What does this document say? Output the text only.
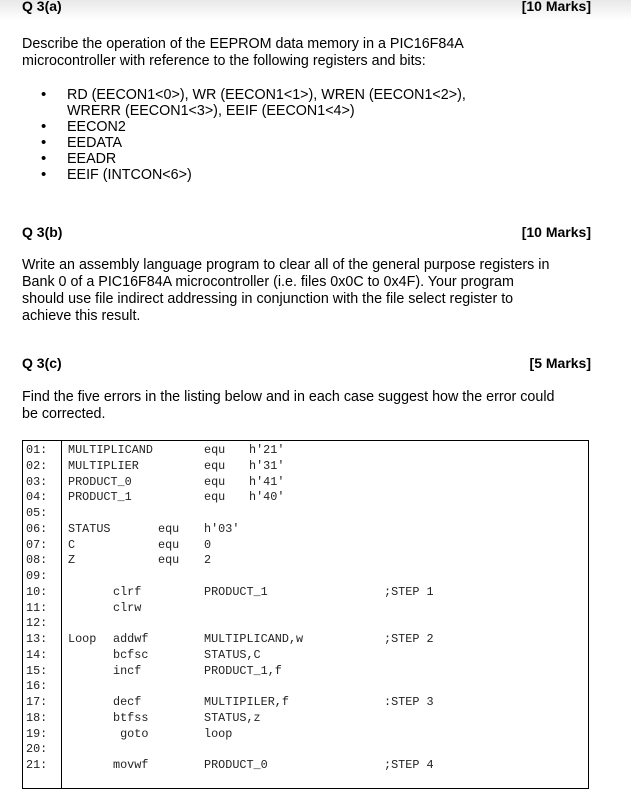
Q 3(a)	[10 Marks]
Describe the operation of the EEPROM data memory in a PIC16F84A
microcontroller with reference to the following registers and bits:
• RD (EECON1<0>), WR (EECON1<1>), WREN (EECON1<2>),
WRERR (EECON1<3>), EEIF (EECON1<4>)
• EECON2
• EEDATA
• EEADR
• EEIF (INTCON<6>)
Q 3(b)	[10 Marks]
Write an assembly language program to clear all of the general purpose registers in
Bank 0 of a PIC16F84A microcontroller (i.e. files 0x0C to 0x4F). Your program
should use file indirect addressing in conjunction with the file select register to
achieve this result.
Q 3(c)	[5 Marks]
Find the five errors in the listing below and in each case suggest how the error could
be corrected.
01: MULTIPLICAND	equ h'21'
02: MULTIPLIER	equ h'31'
03: PRODUCT_0	equ h'41'
04: PRODUCT_1	equ h'40'
05:
06: STATUS	equ h'03'
07: C	equ 0
08: Z	equ 2
09:
10:	clrf	PRODUCT_1	;STEP 1
11:	clrw
12:
13: Loop addwf	MULTIPLICAND,w	;STEP 2
14:	bcfsc	STATUS,C
15:	incf	PRODUCT_1,f
16:
17:	decf	MULTIPILER,f	:STEP 3
18:	btfss	STATUS,z
19:	goto	loop
20:
21:	movwf	PRODUCT_0	;STEP 4
